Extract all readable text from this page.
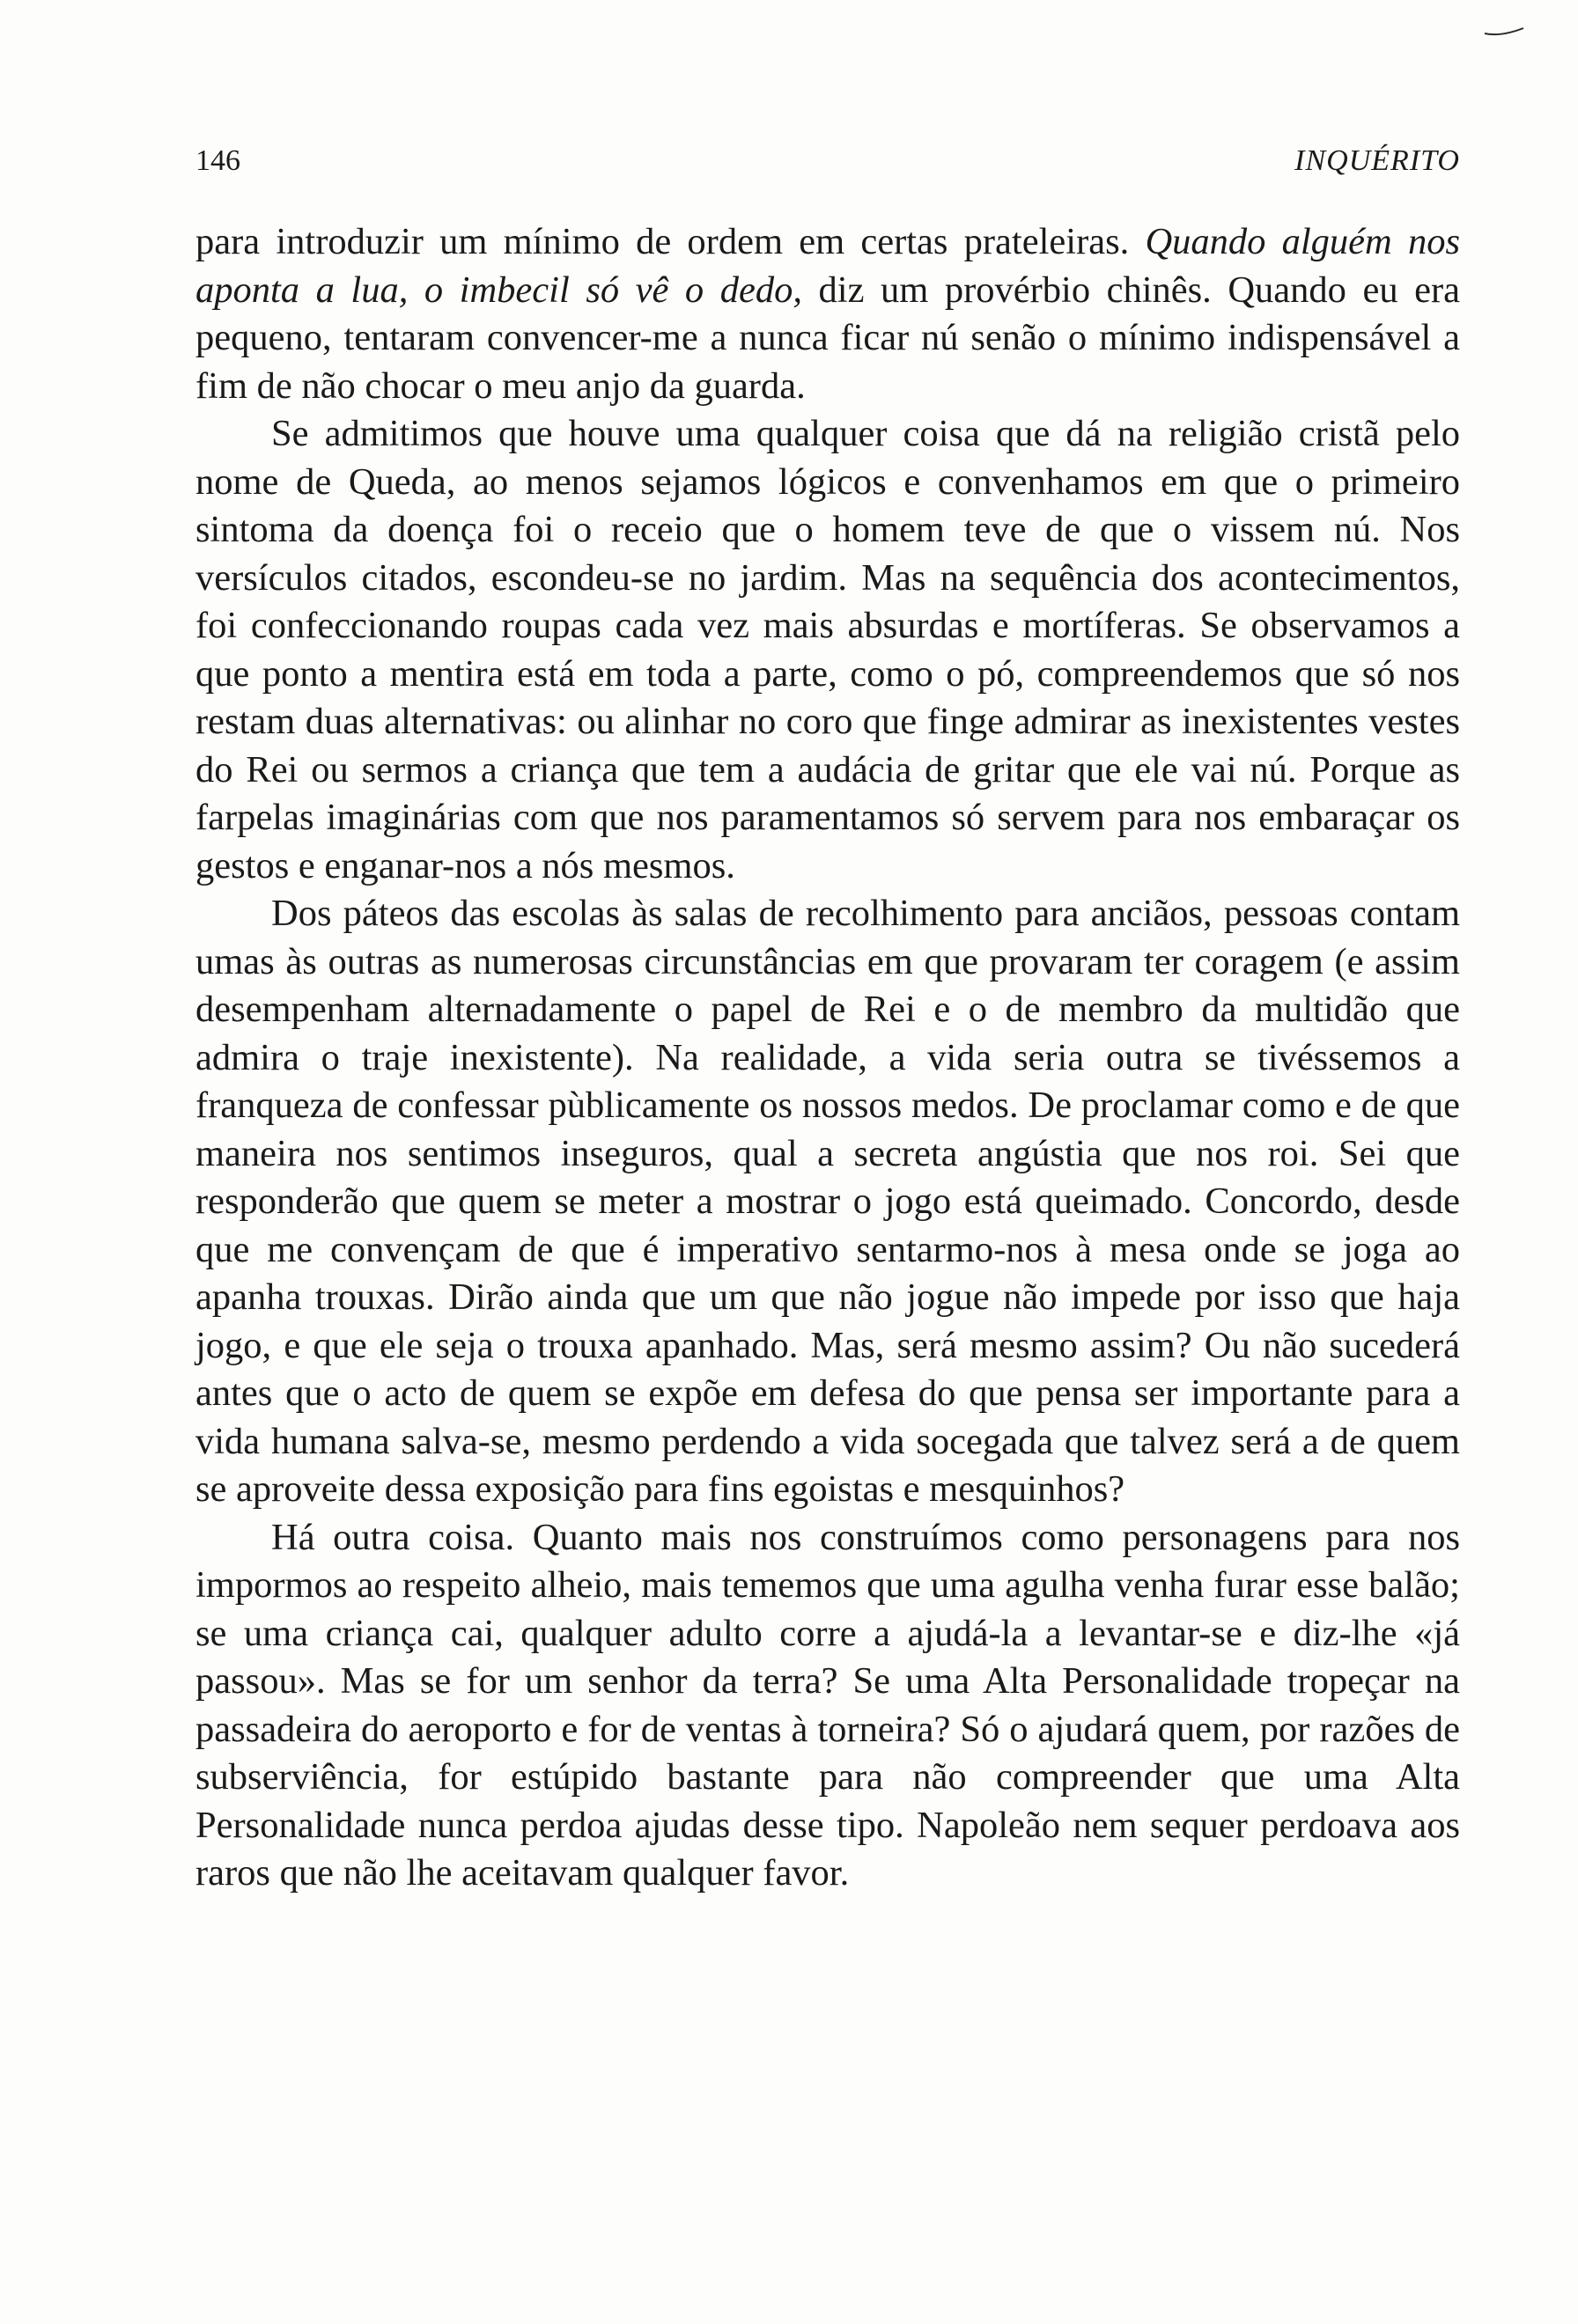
146	INQUÉRITO

para introduzir um mínimo de ordem em certas prateleiras. Quando alguém nos aponta a lua, o imbecil só vê o dedo, diz um provérbio chinês. Quando eu era pequeno, tentaram convencer-me a nunca ficar nú senão o mínimo indispensável a fim de não chocar o meu anjo da guarda.

Se admitimos que houve uma qualquer coisa que dá na religião cristã pelo nome de Queda, ao menos sejamos lógicos e convenhamos em que o primeiro sintoma da doença foi o receio que o homem teve de que o vissem nú. Nos versículos citados, escondeu-se no jardim. Mas na sequência dos acontecimentos, foi confeccionando roupas cada vez mais absurdas e mortíferas. Se observamos a que ponto a mentira está em toda a parte, como o pó, compreendemos que só nos restam duas alternativas: ou alinhar no coro que finge admirar as inexistentes vestes do Rei ou sermos a criança que tem a audácia de gritar que ele vai nú. Porque as farpelas imaginárias com que nos paramentamos só servem para nos embaraçar os gestos e enganar-nos a nós mesmos.

Dos páteos das escolas às salas de recolhimento para anciãos, pessoas contam umas às outras as numerosas circunstâncias em que provaram ter coragem (e assim desempenham alternadamente o papel de Rei e o de membro da multidão que admira o traje inexistente). Na realidade, a vida seria outra se tivéssemos a franqueza de confessar pùblicamente os nossos medos. De proclamar como e de que maneira nos sentimos inseguros, qual a secreta angústia que nos roi. Sei que responderão que quem se meter a mostrar o jogo está queimado. Concordo, desde que me convençam de que é imperativo sentarmo-nos à mesa onde se joga ao apanha trouxas. Dirão ainda que um que não jogue não impede por isso que haja jogo, e que ele seja o trouxa apanhado. Mas, será mesmo assim? Ou não sucederá antes que o acto de quem se expõe em defesa do que pensa ser importante para a vida humana salva-se, mesmo perdendo a vida socegada que talvez será a de quem se aproveite dessa exposição para fins egoistas e mesquinhos?

Há outra coisa. Quanto mais nos construímos como personagens para nos impormos ao respeito alheio, mais tememos que uma agulha venha furar esse balão; se uma criança cai, qualquer adulto corre a ajudá-la a levantar-se e diz-lhe «já passou». Mas se for um senhor da terra? Se uma Alta Personalidade tropeçar na passadeira do aeroporto e for de ventas à torneira? Só o ajudará quem, por razões de subserviência, for estúpido bastante para não compreender que uma Alta Personalidade nunca perdoa ajudas desse tipo. Napoleão nem sequer perdoava aos raros que não lhe aceitavam qualquer favor.
